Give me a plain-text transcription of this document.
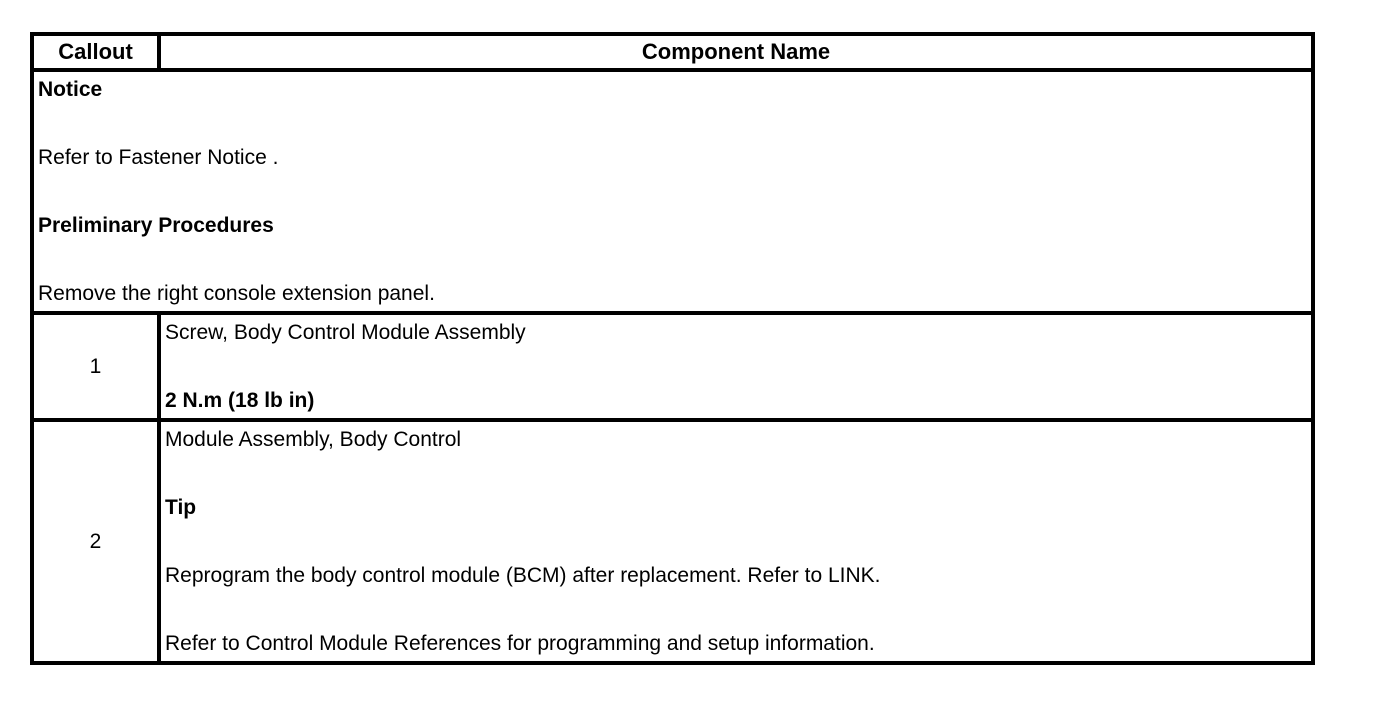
Callout	Component Name

Notice

Refer to Fastener Notice .

Preliminary Procedures

Remove the right console extension panel.	

1	Screw, Body Control Module Assembly

2 N.m (18 lb in)

2	Module Assembly, Body Control

Tip

Reprogram the body control module (BCM) after replacement. Refer to LINK.

Refer to Control Module References for programming and setup information.
